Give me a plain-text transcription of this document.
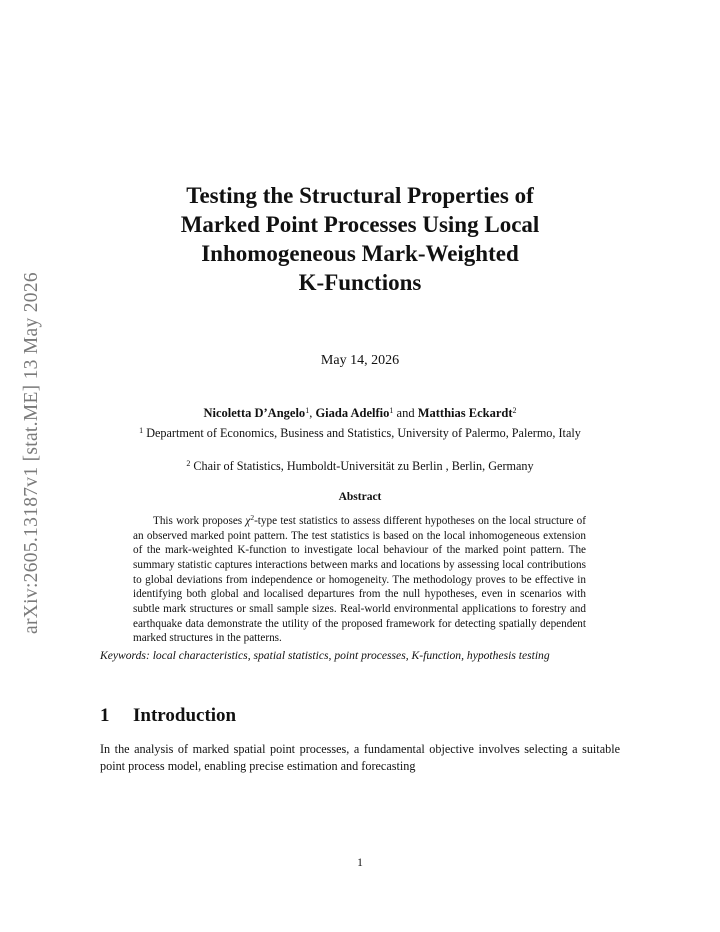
arXiv:2605.13187v1 [stat.ME] 13 May 2026
Testing the Structural Properties of
Marked Point Processes Using Local
Inhomogeneous Mark-Weighted
K-Functions
May 14, 2026
Nicoletta D’Angelo$^1$, Giada Adelfio$^1$ and Matthias Eckardt$^2$
$^1$ Department of Economics, Business and Statistics, University of Palermo, Palermo, Italy
$^2$ Chair of Statistics, Humboldt-Universität zu Berlin , Berlin, Germany
Abstract

This work proposes $\chi^2$-type test statistics to assess different hypotheses on the local structure of an observed marked point pattern. The test statistics is based on the local inhomogeneous extension of the mark-weighted K-function to investigate local behaviour of the marked point pattern. The summary statistic captures interactions between marks and locations by assessing local contributions to global deviations from independence or homogeneity. The methodology proves to be effective in identifying both global and localised departures from the null hypotheses, even in scenarios with subtle mark structures or small sample sizes. Real-world environmental applications to forestry and earthquake data demonstrate the utility of the proposed framework for detecting spatially dependent marked structures in the patterns.

Keywords: local characteristics, spatial statistics, point processes, K-function, hypothesis testing

1 Introduction

In the analysis of marked spatial point processes, a fundamental objective involves selecting a suitable point process model, enabling precise estimation and forecasting

1
